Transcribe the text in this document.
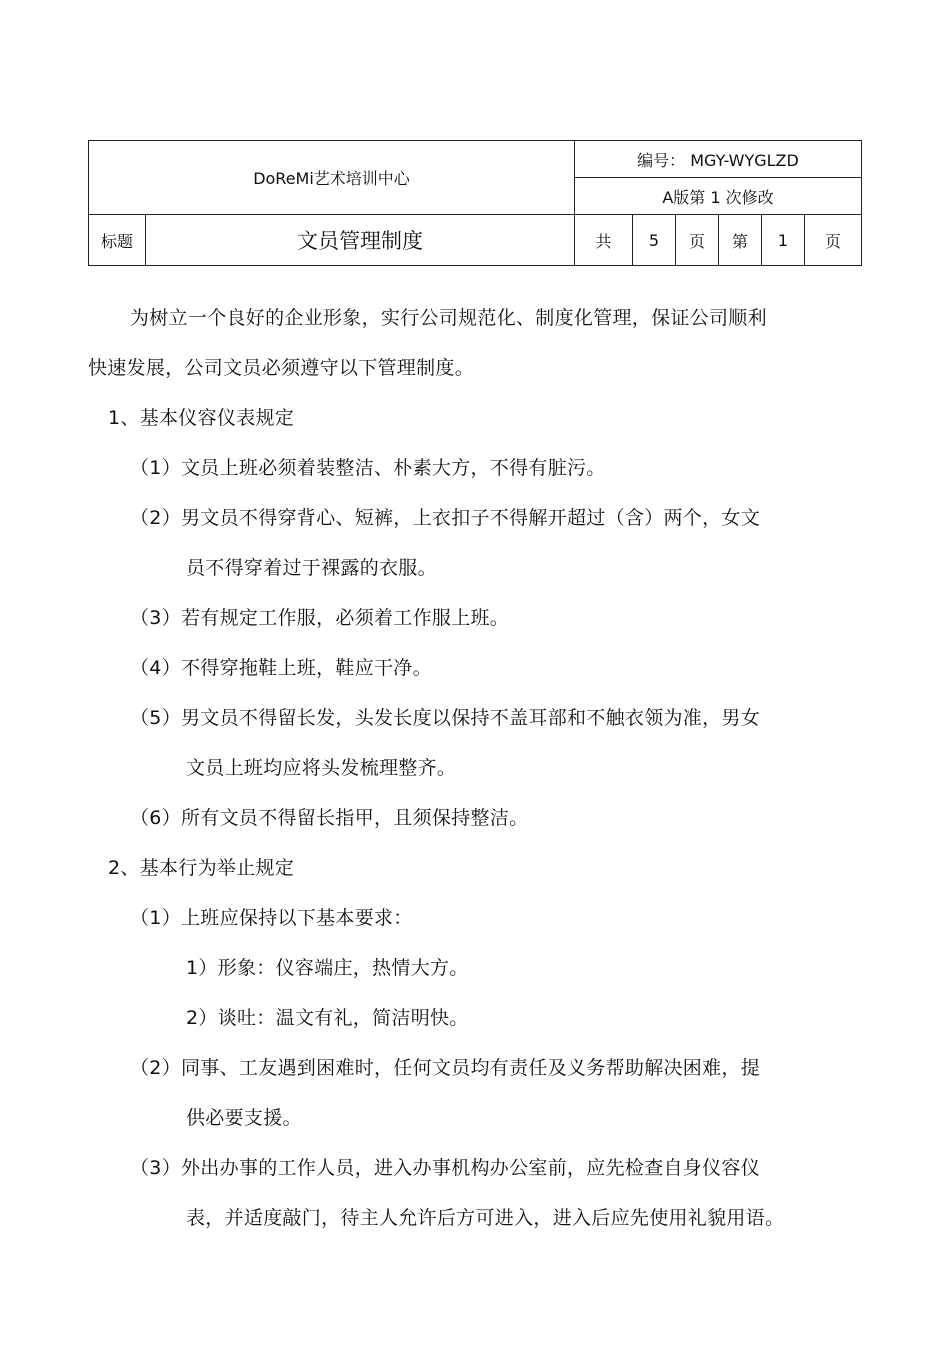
DoReMi艺术培训中心
编号： MGY-WYGLZD
A版第 1 次修改
标题	文员管理制度	共	5	页	第	1	页
为树立一个良好的企业形象，实行公司规范化、制度化管理，保证公司顺利
快速发展，公司文员必须遵守以下管理制度。
1、基本仪容仪表规定
（1）文员上班必须着装整洁、朴素大方，不得有脏污。
（2）男文员不得穿背心、短裤，上衣扣子不得解开超过（含）两个，女文
员不得穿着过于裸露的衣服。
（3）若有规定工作服，必须着工作服上班。
（4）不得穿拖鞋上班，鞋应干净。
（5）男文员不得留长发，头发长度以保持不盖耳部和不触衣领为准，男女
文员上班均应将头发梳理整齐。
（6）所有文员不得留长指甲，且须保持整洁。
2、基本行为举止规定
（1）上班应保持以下基本要求：
1）形象：仪容端庄，热情大方。
2）谈吐：温文有礼，简洁明快。
（2）同事、工友遇到困难时，任何文员均有责任及义务帮助解决困难，提
供必要支援。
（3）外出办事的工作人员，进入办事机构办公室前，应先检查自身仪容仪
表，并适度敲门，待主人允许后方可进入，进入后应先使用礼貌用语。
